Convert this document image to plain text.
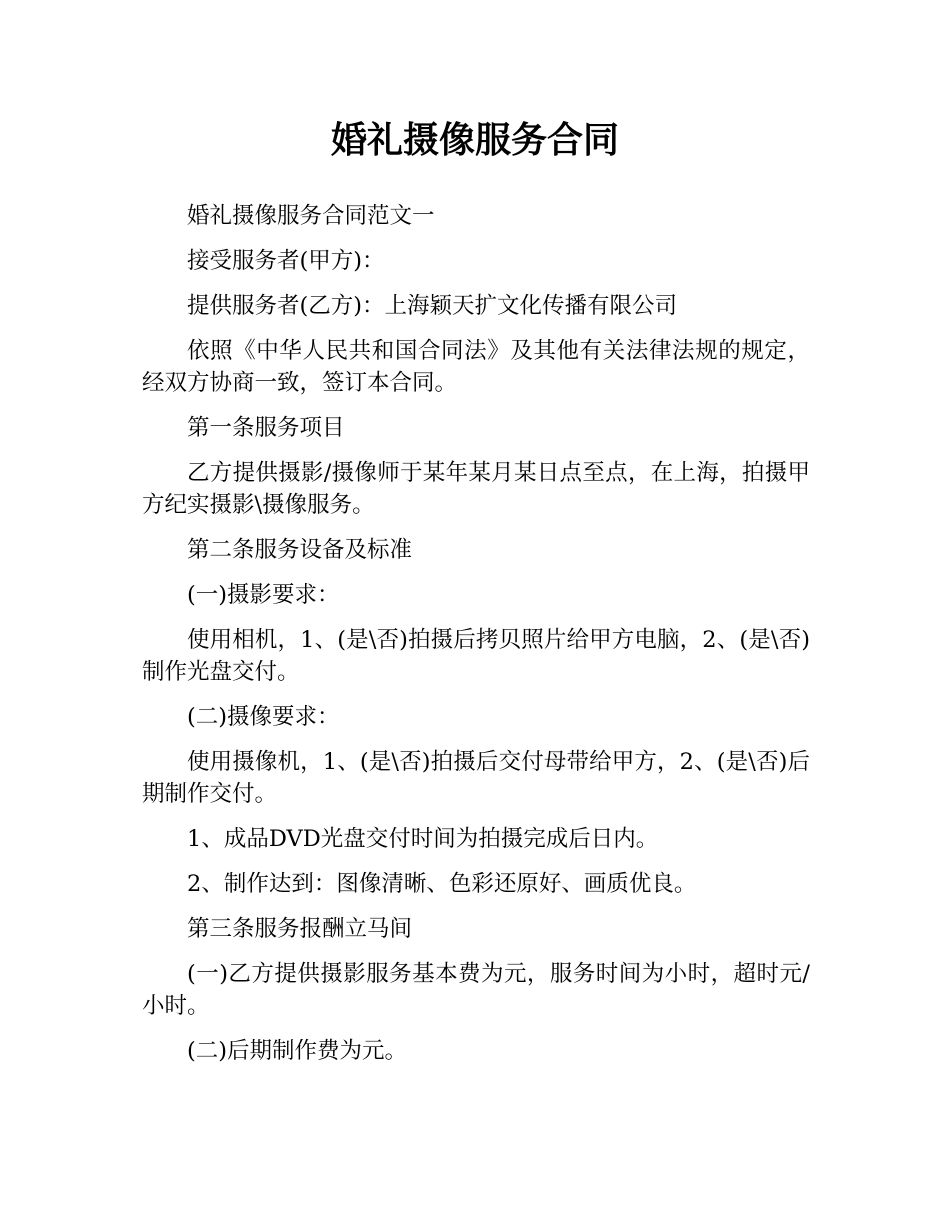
婚礼摄像服务合同

婚礼摄像服务合同范文一

接受服务者(甲方)：

提供服务者(乙方)：上海颖天扩文化传播有限公司

依照《中华人民共和国合同法》及其他有关法律法规的规定，经双方协商一致，签订本合同。

第一条服务项目

乙方提供摄影/摄像师于某年某月某日点至点，在上海，拍摄甲方纪实摄影\摄像服务。

第二条服务设备及标准

(一)摄影要求：

使用相机，1、(是\否)拍摄后拷贝照片给甲方电脑，2、(是\否)制作光盘交付。

(二)摄像要求：

使用摄像机，1、(是\否)拍摄后交付母带给甲方，2、(是\否)后期制作交付。

1、成品DVD光盘交付时间为拍摄完成后日内。

2、制作达到：图像清晰、色彩还原好、画质优良。

第三条服务报酬立马间

(一)乙方提供摄影服务基本费为元，服务时间为小时，超时元/小时。

(二)后期制作费为元。
